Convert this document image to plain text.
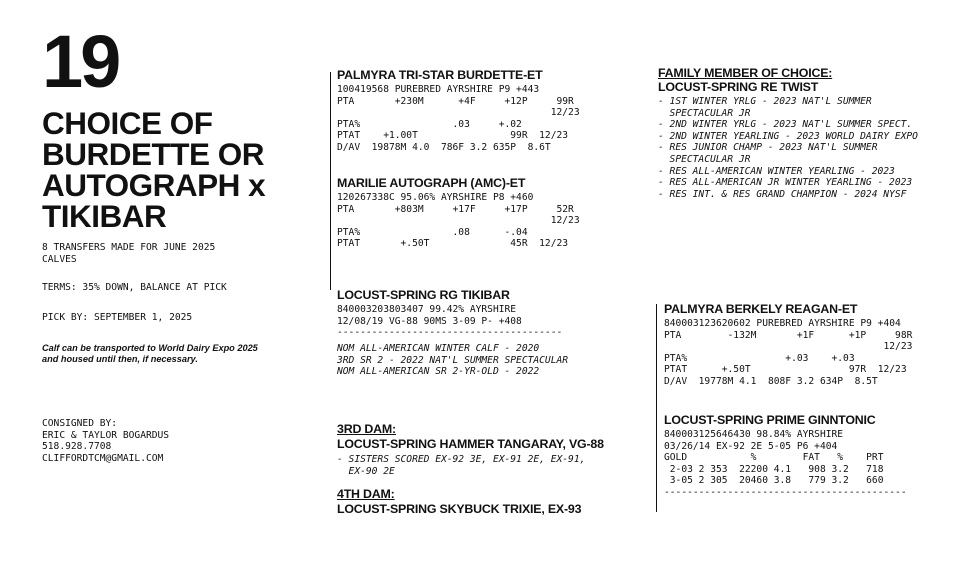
19
CHOICE OF
BURDETTE OR
AUTOGRAPH x
TIKIBAR
8 TRANSFERS MADE FOR JUNE 2025
CALVES
TERMS: 35% DOWN, BALANCE AT PICK
PICK BY: SEPTEMBER 1, 2025
Calf can be transported to World Dairy Expo 2025
and housed until then, if necessary.
CONSIGNED BY:
ERIC & TAYLOR BOGARDUS
518.928.7708
CLIFFORDTCM@GMAIL.COM
PALMYRA TRI-STAR BURDETTE-ET
100419568 PUREBRED AYRSHIRE P9 +443
PTA       +230M      +4F     +12P     99R
12/23
PTA%                .03     +.02
PTAT    +1.00T                99R  12/23
D/AV  19878M 4.0  786F 3.2 635P  8.6T
MARILIE AUTOGRAPH (AMC)-ET
120267338C 95.06% AYRSHIRE P8 +460
PTA       +803M     +17F     +17P     52R
12/23
PTA%                .08      -.04
PTAT       +.50T              45R  12/23
LOCUST-SPRING RG TIKIBAR
840003203803407 99.42% AYRSHIRE
12/08/19 VG-88 90MS 3-09 P- +408
---------------------------------------
NOM ALL-AMERICAN WINTER CALF - 2020
3RD SR 2 - 2022 NAT'L SUMMER SPECTACULAR
NOM ALL-AMERICAN SR 2-YR-OLD - 2022
3RD DAM:
LOCUST-SPRING HAMMER TANGARAY, VG-88
- SISTERS SCORED EX-92 3E, EX-91 2E, EX-91,
EX-90 2E
4TH DAM:
LOCUST-SPRING SKYBUCK TRIXIE, EX-93
FAMILY MEMBER OF CHOICE:
LOCUST-SPRING RE TWIST
- 1ST WINTER YRLG - 2023 NAT'L SUMMER
SPECTACULAR JR
- 2ND WINTER YRLG - 2023 NAT'L SUMMER SPECT.
- 2ND WINTER YEARLING - 2023 WORLD DAIRY EXPO
- RES JUNIOR CHAMP - 2023 NAT'L SUMMER
SPECTACULAR JR
- RES ALL-AMERICAN WINTER YEARLING - 2023
- RES ALL-AMERICAN JR WINTER YEARLING - 2023
- RES INT. & RES GRAND CHAMPION - 2024 NYSF
PALMYRA BERKELY REAGAN-ET
840003123620602 PUREBRED AYRSHIRE P9 +404
PTA        -132M       +1F      +1P     98R
12/23
PTA%                 +.03    +.03
PTAT      +.50T                 97R  12/23
D/AV  19778M 4.1  808F 3.2 634P  8.5T
LOCUST-SPRING PRIME GINNTONIC
840003125646430 98.84% AYRSHIRE
03/26/14 EX-92 2E 5-05 P6 +404
GOLD           %        FAT   %    PRT
2-03 2 353  22200 4.1   908 3.2   718
3-05 2 305  20460 3.8   779 3.2   660
------------------------------------------
